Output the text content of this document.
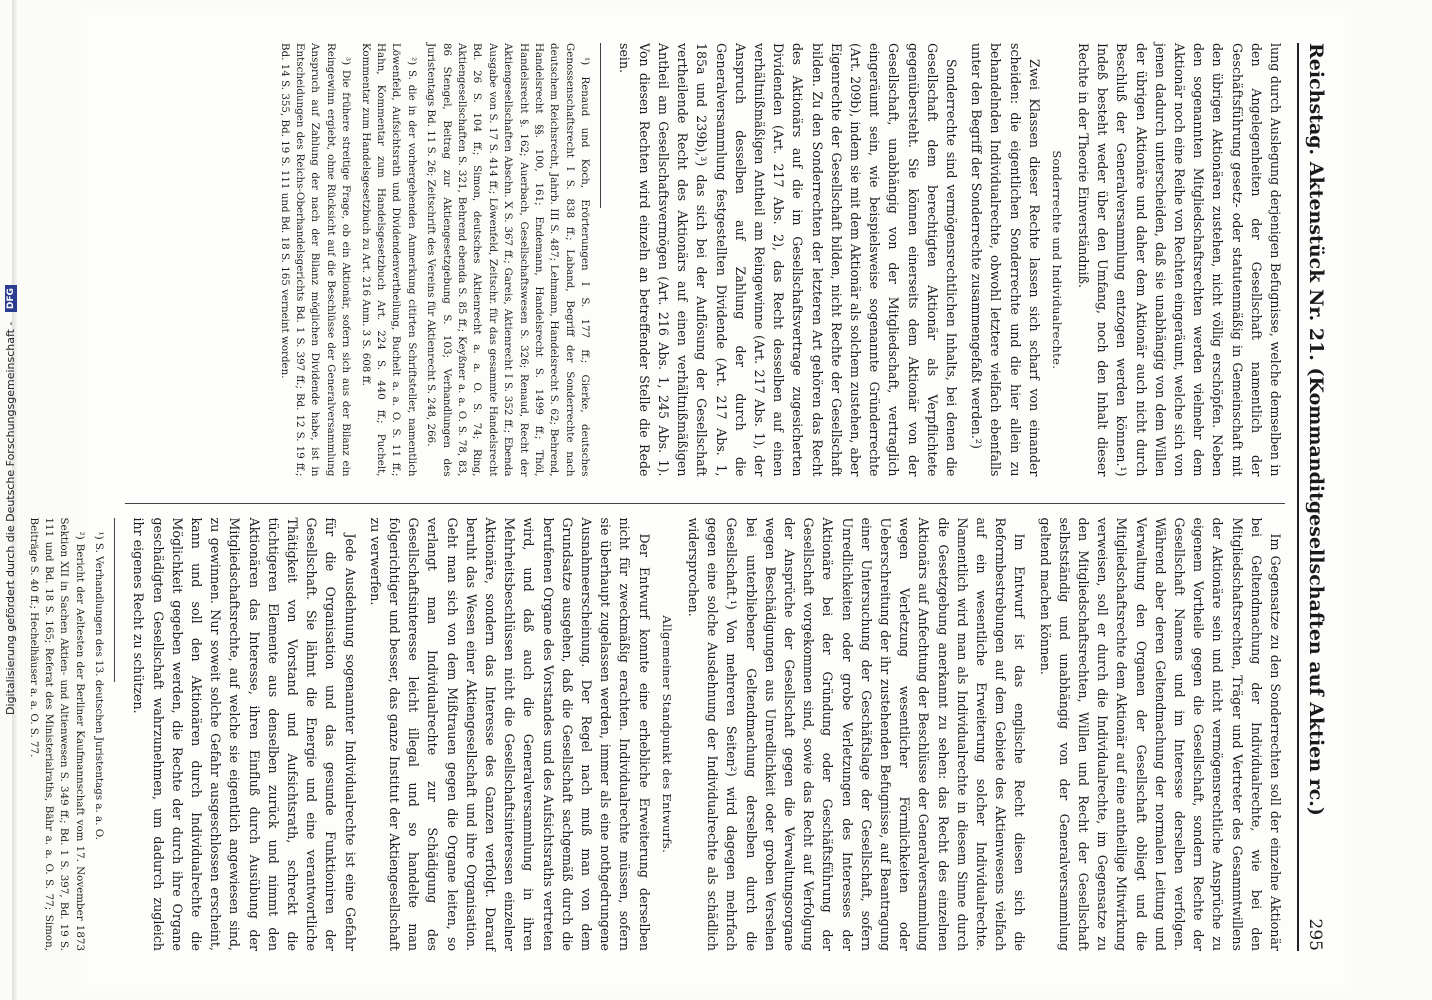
Reichstag. Aktenstück Nr. 21. (Kommanditgesellschaften auf Aktien rc.)
295

lung durch Auslegung derjenigen Befugnisse, welche demselben in den Angelegenheiten der Gesellschaft namentlich der Geschäftsführung gesetz- oder statutenmäßig in Gemeinschaft mit den übrigen Aktionären zustehen, nicht völlig erschöpfen. Neben den sogenannten Mitgliedschaftsrechten werden vielmehr dem Aktionär noch eine Reihe von Rechten eingeräumt, welche sich von jenen dadurch unterscheiden, daß sie unabhängig von dem Willen der übrigen Aktionäre und daher dem Aktionär auch nicht durch Beschluß der Generalversammlung entzogen werden können.¹) Indeß besteht weder über den Umfang, noch den Inhalt dieser Rechte in der Theorie Einverständniß.

Sonderrechte und Individualrechte.

Zwei Klassen dieser Rechte lassen sich scharf von einander scheiden: die eigentlichen Sonderrechte und die hier allein zu behandelnden Individualrechte, obwohl letztere vielfach ebenfalls unter den Begriff der Sonderrechte zusammengefaßt werden.²)

Sonderrechte sind vermögensrechtlichen Inhalts, bei denen die Gesellschaft dem berechtigten Aktionär als Verpflichtete gegenübersteht. Sie können einerseits dem Aktionär von der Gesellschaft, unabhängig von der Mitgliedschaft, vertraglich eingeräumt sein, wie beispielsweise sogenannte Gründerrechte (Art. 209b), indem sie mit dem Aktionär als solchem zustehen, aber Eigenrechte der Gesellschaft bilden, nicht Rechte der Gesellschaft bilden. Zu den Sonderrechten der letzteren Art gehören das Recht des Aktionärs auf die im Gesellschaftsvertrage zugesicherten Dividenden (Art. 217 Abs. 2), das Recht desselben auf einen verhältnißmäßigen Antheil am Reingewinne (Art. 217 Abs. 1), der Anspruch desselben auf Zahlung der durch die Generalversammlung festgestellten Dividende (Art. 217 Abs. 1, 185a und 239b),³) das sich bei der Auflösung der Gesellschaft vertheilende Recht des Aktionärs auf einen verhältnißmäßigen Antheil am Gesellschaftsvermögen (Art. 216 Abs. 1, 245 Abs. 1). Von diesen Rechten wird einzeln an betreffender Stelle die Rede sein.

¹) Renaud und Koch, Erörterungen I S. 177 ff.; Gierke, deutsches Genossenschaftsrecht I S. 838 ff.; Laband, Begriff der Sonderrechte nach deutschem Reichsrecht, Jahrb. III S. 487; Lehmann, Handelsrecht S. 62; Behrend, Handelsrecht §§. 100, 161; Endemann, Handelsrecht S. 1499 ff.; Thöl, Handelsrecht §. 162; Auerbach, Gesellschaftswesen S. 326; Renaud, Recht der Aktiengesellschaften Abschn. X S. 367 ff.; Gareis, Aktienrecht I S. 352 ff.; Ebenda Ausgabe von S. 17 S. 414 ff.; Löwenfeld, Zeitschr. für das gesammte Handelsrecht Bd. 26 S. 104 ff.; Simon, deutsches Aktienrecht a. a. O. S. 74; Ring, Aktiengesellschaften S. 321, Behrend ebenda S. 85 ff.; Keyßner a. a. O. S. 78, 83, 86 Stengel, Beitrag zur Aktiengesetzgebung S. 103; Verhandlungen des Juristentags Bd. 11 S. 26; Zeitschrift des Vereins für Aktienrecht S. 248, 266.

²) S. die in der vorhergehenden Anmerkung citirten Schriftsteller, namentlich Löwenfeld, Aufsichtsrath und Dividendenvertheilung, Buchelt a. a. O. S. 11 ff.; Hahn, Kommentar zum Handelsgesetzbuch Art. 224 S. 440 ff.; Puchelt, Kommentar zum Handelsgesetzbuch zu Art. 216 Anm. 3 S. 608 ff.

³) Die frühere streitige Frage, ob ein Aktionär, sofern sich aus der Bilanz ein Reingewinn ergiebt, ohne Rücksicht auf die Beschlüsse der Generalversammlung Anspruch auf Zahlung der nach der Bilanz möglichen Dividende habe, ist in Entscheidungen des Reichs-Oberhandelsgerichts Bd. 1 S. 397 ff.; Bd. 12 S. 19 ff.; Bd. 14 S. 355, Bd. 19 S. 111 und Bd. 18 S. 165 verneint worden.

Im Gegensatze zu den Sonderrechten soll der einzelne Aktionär bei Geltendmachung der Individualrechte, wie bei den Mitgliedschaftsrechten, Träger und Vertreter des Gesammtwillens der Aktionäre sein und nicht vermögensrechtliche Ansprüche zu eigenem Vortheile gegen die Gesellschaft, sondern Rechte der Gesellschaft Namens und im Interesse derselben verfolgen. Während aber deren Geltendmachung der normalen Leitung und Verwaltung den Organen der Gesellschaft obliegt und die Mitgliedschaftsrechte dem Aktionär auf eine antheilige Mitwirkung verweisen, soll er durch die Individualrechte, im Gegensatze zu den Mitgliedschaftsrechten, Willen und Recht der Gesellschaft selbstständig und unabhängig von der Generalversammlung geltend machen können.

Im Entwurf ist das englische Recht diesen sich die Reformbestrebungen auf dem Gebiete des Aktienwesens vielfach auf ein wesentliche Erweiterung solcher Individualrechte. Namentlich wird man als Individualrechte in diesem Sinne durch die Gesetzgebung anerkannt zu sehen: das Recht des einzelnen Aktionärs auf Anfechtung der Beschlüsse der Generalversammlung wegen Verletzung wesentlicher Förmlichkeiten oder Ueberschreitung der ihr zustehenden Befugnisse, auf Beantragung einer Untersuchung der Geschäftslage der Gesellschaft, sofern Unredlichkeiten oder grobe Verletzungen des Interesses der Aktionäre bei der Gründung oder Geschäftsführung der Gesellschaft vorgekommen sind, sowie das Recht auf Verfolgung der Ansprüche der Gesellschaft gegen die Verwaltungsorgane wegen Beschädigungen aus Unredlichkeit oder groben Versehen bei unterbliebener Geltendmachung derselben durch die Gesellschaft.¹) Von mehreren Seiten²) wird dagegen mehrfach gegen eine solche Ausdehnung der Individualrechte als schädlich widersprochen.

Allgemeiner Standpunkt des Entwurfs.

Der Entwurf konnte eine erhebliche Erweiterung derselben nicht für zweckmäßig erachten. Individualrechte müssen, sofern sie überhaupt zugelassen werden, immer als eine nothgedrungene Ausnahmeerscheinung. Der Regel nach muß man von dem Grundsatze ausgehen, daß die Gesellschaft sachgemäß durch die berufenen Organe des Vorstandes und des Aufsichtsraths vertreten wird, und daß auch die Generalversammlung in ihren Mehrheitsbeschlüssen nicht die Gesellschaftsinteressen einzelner Aktionäre, sondern das Interesse des Ganzen verfolgt. Darauf beruht das Wesen einer Aktiengesellschaft und ihre Organisation. Geht man sich von dem Mißtrauen gegen die Organe leiten, so verlangt man Individualrechte zur Schädigung des Gesellschaftsinteresse leicht illegal und so handelte man folgerichtiger und besser, das ganze Institut der Aktiengesellschaft zu verwerfen.

Jede Ausdehnung sogenannter Individualrechte ist eine Gefahr für die Organisation und das gesunde Funktioniren der Gesellschaft. Sie lähmt die Energie und eine verantwortliche Thätigkeit von Vorstand und Aufsichtsrath, schreckt die tüchtigeren Elemente aus denselben zurück und nimmt den Aktionären das Interesse, ihren Einfluß durch Ausübung der Mitgliedschaftsrechte, auf welche sie eigentlich angewiesen sind, zu gewinnen. Nur soweit solche Gefahr ausgeschlossen erscheint, kann und soll den Aktionären durch Individualrechte die Möglichkeit gegeben werden, die Rechte der durch ihre Organe geschädigten Gesellschaft wahrzunehmen, um dadurch zugleich ihr eigenes Recht zu schützen.

¹) S. Verhandlungen des 13. deutschen Juristentags a. a. O.

²) Bericht der Aeltesten der Berliner Kaufmannschaft vom 17. November 1873 Sektion XII in Sachen Aktien- und Altienwesen S. 349 ff.; Bd. 1 S. 397, Bd. 19 S. 111 und Bd. 18 S. 165; Referat des Ministerialraths, Bähr a. a. O. S. 77; Simon, Beiträge S. 40 ff.; Hechelhäuser a. a. O. S. 77.

Digitalisierung gefördert durch die Deutsche Forschungsgemeinschaft - DFG
